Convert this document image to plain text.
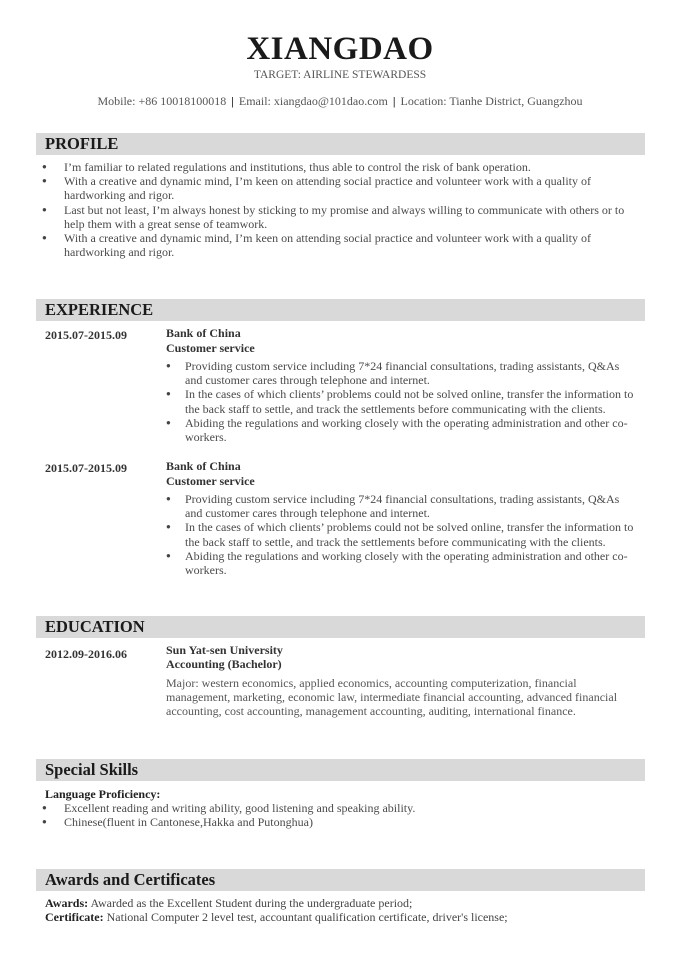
XIANGDAO
TARGET: AIRLINE STEWARDESS
Mobile: +86 10018100018 | Email: xiangdao@101dao.com | Location: Tianhe District, Guangzhou
PROFILE
● I’m familiar to related regulations and institutions, thus able to control the risk of bank operation.
● With a creative and dynamic mind, I’m keen on attending social practice and volunteer work with a quality of hardworking and rigor.
● Last but not least, I’m always honest by sticking to my promise and always willing to communicate with others or to help them with a great sense of teamwork.
● With a creative and dynamic mind, I’m keen on attending social practice and volunteer work with a quality of hardworking and rigor.
EXPERIENCE
2015.07-2015.09	Bank of China
Customer service
● Providing custom service including 7*24 financial consultations, trading assistants, Q&As and customer cares through telephone and internet.
● In the cases of which clients’ problems could not be solved online, transfer the information to the back staff to settle, and track the settlements before communicating with the clients.
● Abiding the regulations and working closely with the operating administration and other co-workers.
2015.07-2015.09	Bank of China
Customer service
● Providing custom service including 7*24 financial consultations, trading assistants, Q&As and customer cares through telephone and internet.
● In the cases of which clients’ problems could not be solved online, transfer the information to the back staff to settle, and track the settlements before communicating with the clients.
● Abiding the regulations and working closely with the operating administration and other co-workers.
EDUCATION
2012.09-2016.06	Sun Yat-sen University
Accounting (Bachelor)
Major: western economics, applied economics, accounting computerization, financial management, marketing, economic law, intermediate financial accounting, advanced financial accounting, cost accounting, management accounting, auditing, international finance.
Special Skills
Language Proficiency:
● Excellent reading and writing ability, good listening and speaking ability.
● Chinese(fluent in Cantonese,Hakka and Putonghua)
Awards and Certificates
Awards: Awarded as the Excellent Student during the undergraduate period;
Certificate: National Computer 2 level test, accountant qualification certificate, driver's license;
